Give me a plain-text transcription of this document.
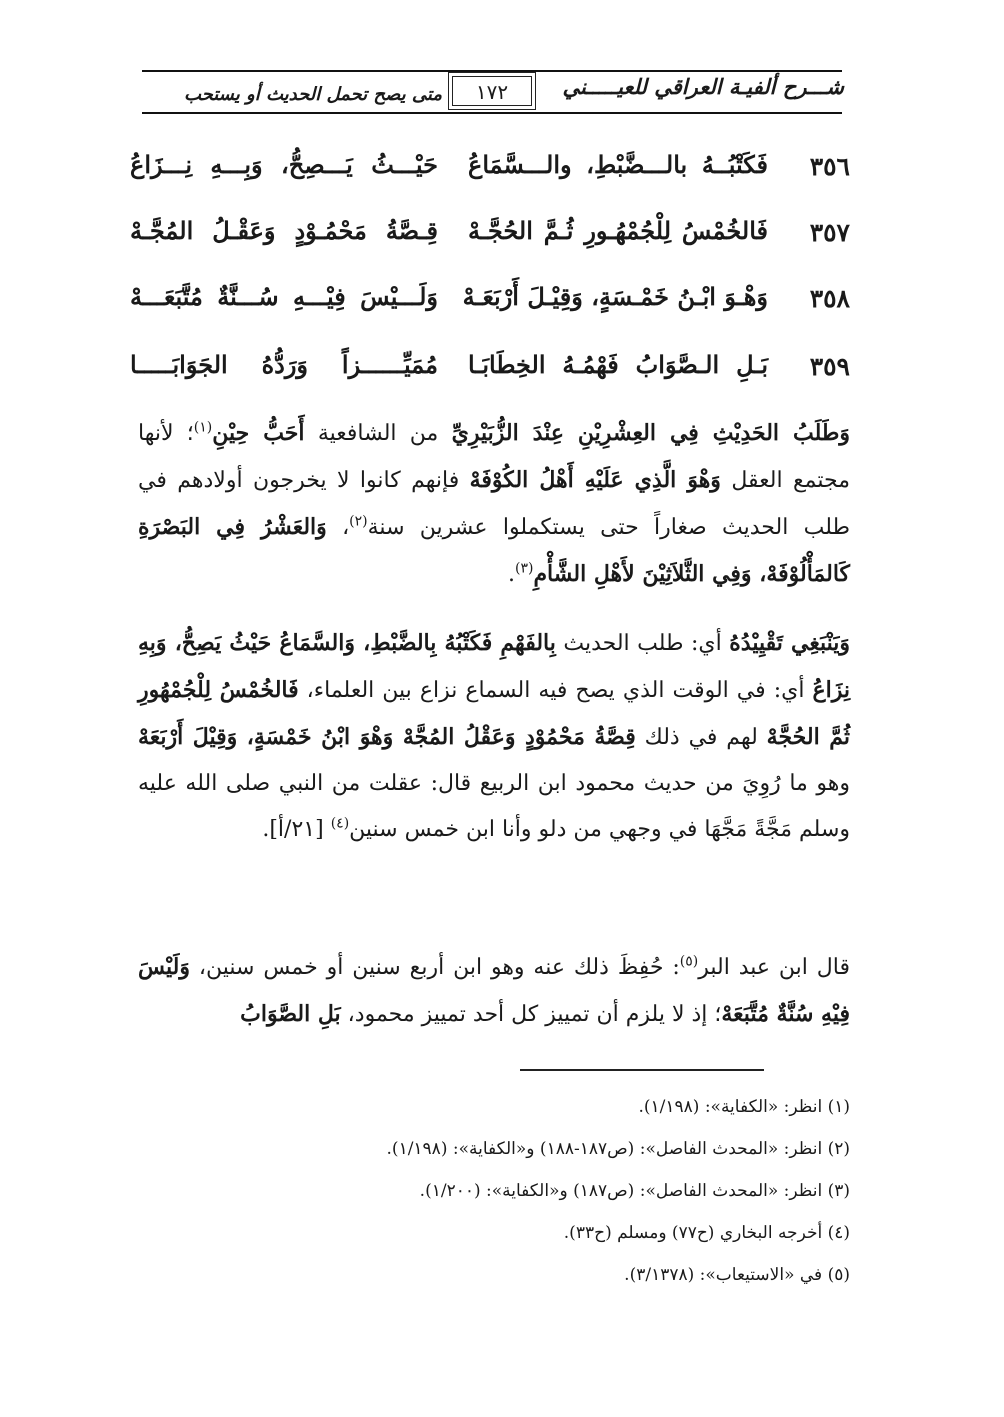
شـــرح ألفيـة العراقي للعيـــــني
١٧٢
متى يصح تحمل الحديث أو يستحب
٣٥٦
فَكَتْبُــهُ بالـــضَّبْطِ، والـــسَّمَاعُ
حَيْـــثُ يَـــصِحُّ، وَبِـــهِ نِـــزَاعُ
٣٥٧
فَالخُمْسُ لِلْجُمْهُـورِ ثُـمَّ الحُجَّـهْ
قِـصَّةُ مَحْمُـوْدٍ وَعَقْـلُ المُجَّـهْ
٣٥٨
وَهْـوَ ابْـنُ خَمْـسَةٍ، وَقِيْـلَ أَرْبَعَـهْ
وَلَـــيْسَ فِيْـــهِ سُـــنَّةٌ مُتَّبَعَـــهْ
٣٥٩
بَـلِ الـصَّوَابُ فَهْمُـهُ الخِطَابَـا
مُمَيِّــــــزاً وَرَدُّهُ الجَوَابَـــــا
وَطَلَبُ الحَدِيْثِ فِي العِشْرِيْنِ عِنْدَ الزُّبَيْرِيِّ من الشافعية أَحَبُّ حِيْنِ$^{(١)}$؛ لأنها مجتمع العقل وَهْوَ الَّذِي عَلَيْهِ أَهْلُ الكُوْفَهْ فإنهم كانوا لا يخرجون أولادهم في طلب الحديث صغاراً حتى يستكملوا عشرين سنة$^{(٢)}$، وَالعَشْرُ فِي البَصْرَةِ كَالمَأْلُوْفَهْ، وَفِي الثَّلاَثِيْنَ لأَهْلِ الشَّأْمِ$^{(٣)}$.
وَيَنْبَغِي تَقْيِيْدُهُ أي: طلب الحديث بِالفَهْمِ فَكَتْبُهُ بِالضَّبْطِ، وَالسَّمَاعُ حَيْثُ يَصِحُّ، وَبِهِ نِزَاعُ أي: في الوقت الذي يصح فيه السماع نزاع بين العلماء، فَالخُمْسُ لِلْجُمْهُورِ ثُمَّ الحُجَّهْ لهم في ذلك قِصَّةُ مَحْمُوْدٍ وَعَقْلُ المُجَّهْ وَهْوَ ابْنُ خَمْسَةٍ، وَقِيْلَ أَرْبَعَهْ وهو ما رُوِيَ من حديث محمود ابن الربيع قال: عقلت من النبي صلى الله عليه وسلم مَجَّةً مَجَّهَا في وجهي من دلو وأنا ابن خمس سنين$^{(٤)}$ [٢١/أ].
قال ابن عبد البر$^{(٥)}$: حُفِظَ ذلك عنه وهو ابن أربع سنين أو خمس سنين، وَلَيْسَ فِيْهِ سُنَّةٌ مُتَّبَعَهْ؛ إذ لا يلزم أن تمييز كل أحد تمييز محمود، بَلِ الصَّوَابُ
(١) انظر: «الكفاية»: (١/١٩٨).
(٢) انظر: «المحدث الفاصل»: (ص١٨٧-١٨٨) و«الكفاية»: (١/١٩٨).
(٣) انظر: «المحدث الفاصل»: (ص١٨٧) و«الكفاية»: (١/٢٠٠).
(٤) أخرجه البخاري (ح٧٧) ومسلم (ح٣٣).
(٥) في «الاستيعاب»: (٣/١٣٧٨).
